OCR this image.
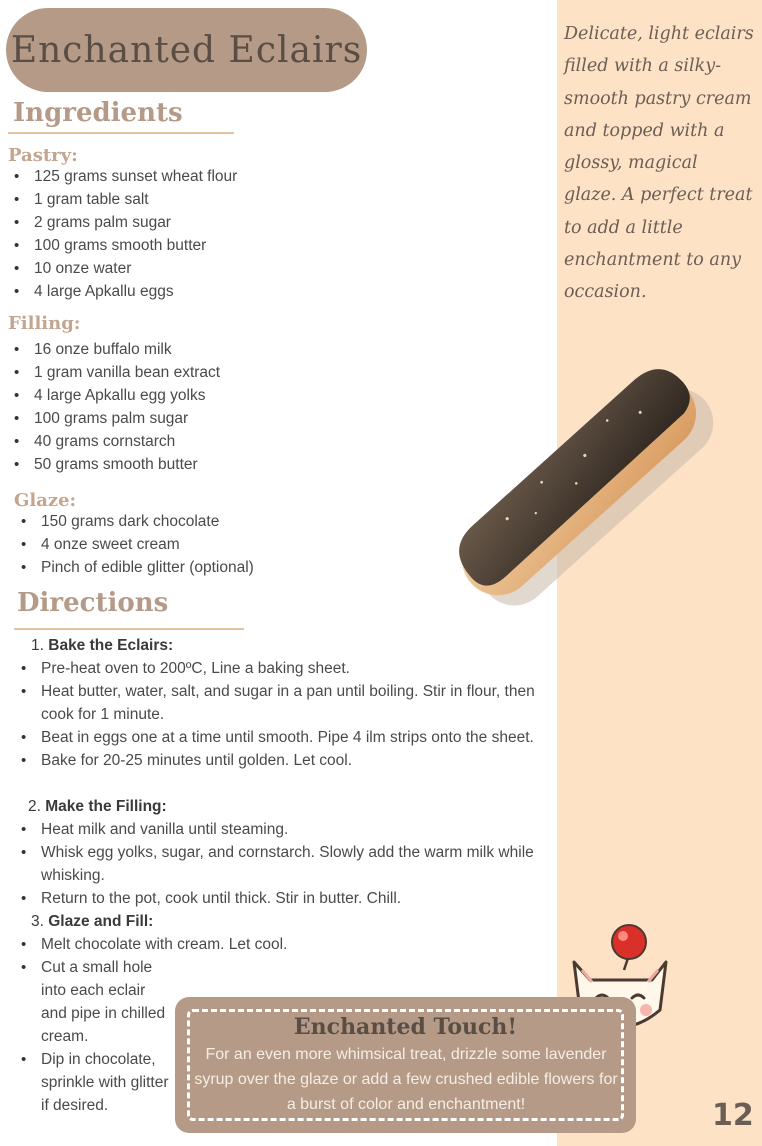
Delicate, light eclairs filled with a silky-smooth pastry cream and topped with a glossy, magical glaze. A perfect treat to add a little enchantment to any occasion.

Enchanted Eclairs
Ingredients
Pastry:
• 125 grams sunset wheat flour
• 1 gram table salt
• 2 grams palm sugar
• 100 grams smooth butter
• 10 onze water
• 4 large Apkallu eggs
Filling:
• 16 onze buffalo milk
• 1 gram vanilla bean extract
• 4 large Apkallu egg yolks
• 100 grams palm sugar
• 40 grams cornstarch
• 50 grams smooth butter
Glaze:
• 150 grams dark chocolate
• 4 onze sweet cream
• Pinch of edible glitter (optional)
Directions
1. Bake the Eclairs:
• Pre-heat oven to 200ºC, Line a baking sheet.
• Heat butter, water, salt, and sugar in a pan until boiling. Stir in flour, then cook for 1 minute.
• Beat in eggs one at a time until smooth. Pipe 4 ilm strips onto the sheet.
• Bake for 20-25 minutes until golden. Let cool.
2. Make the Filling:
• Heat milk and vanilla until steaming.
• Whisk egg yolks, sugar, and cornstarch. Slowly add the warm milk while whisking.
• Return to the pot, cook until thick. Stir in butter. Chill.
3. Glaze and Fill:
• Melt chocolate with cream. Let cool.
• Cut a small hole into each eclair and pipe in chilled cream.
• Dip in chocolate, sprinkle with glitter if desired.
Enchanted Touch!

For an even more whimsical treat, drizzle some lavender syrup over the glaze or add a few crushed edible flowers for a burst of color and enchantment!	12
